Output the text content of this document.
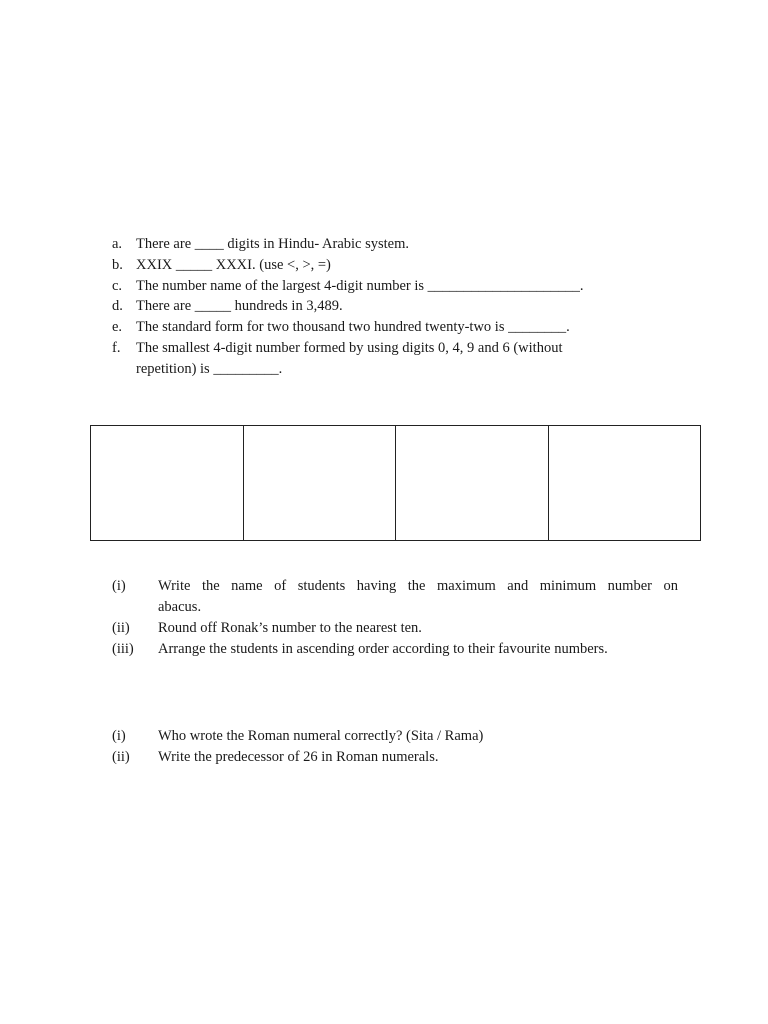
a. There are ____ digits in Hindu- Arabic system.
b. XXIX _____ XXXI. (use <, >, =)
c. The number name of the largest 4-digit number is _____________________.
d. There are _____ hundreds in 3,489.
e. The standard form for two thousand two hundred twenty-two is ________.
f.	The smallest 4-digit number formed by using digits 0, 4, 9 and 6 (without
repetition) is _________.

(i)	Write the name of students having the maximum and minimum number on
abacus.
(ii)	Round off Ronak’s number to the nearest ten.
(iii)	Arrange the students in ascending order according to their favourite numbers.
(i)	Who wrote the Roman numeral correctly? (Sita / Rama)
(ii)	Write the predecessor of 26 in Roman numerals.
